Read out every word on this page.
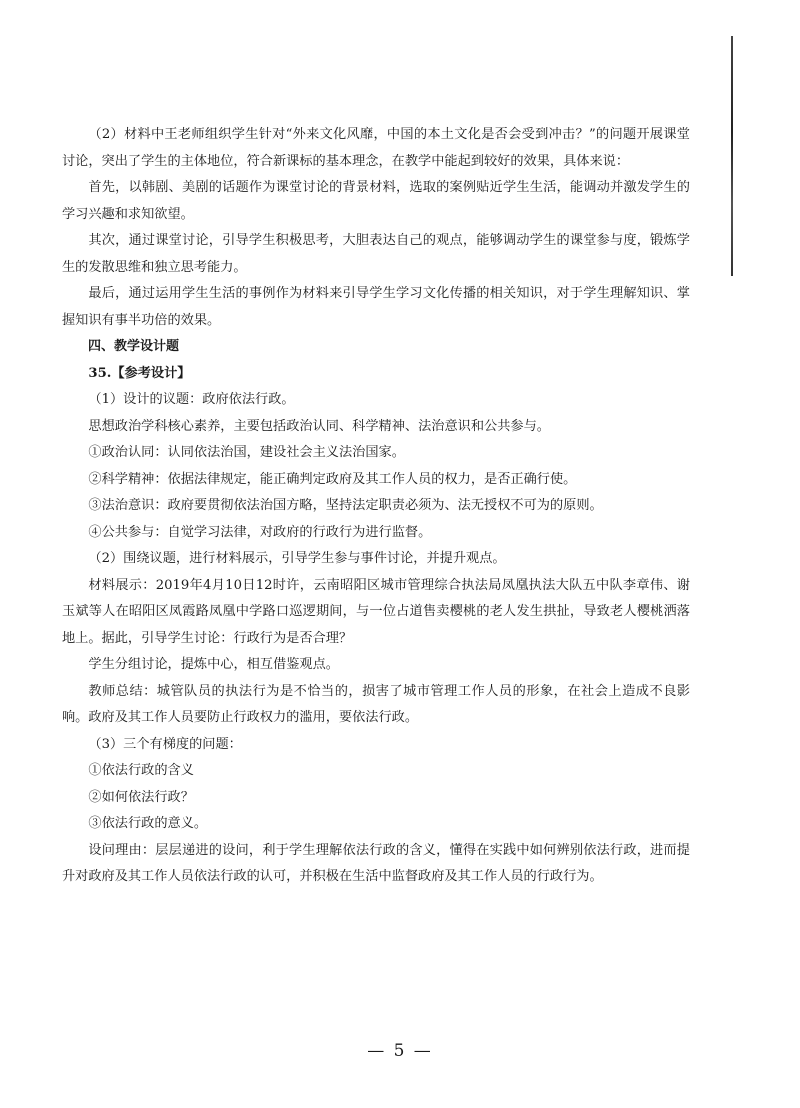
（2）材料中王老师组织学生针对“外来文化风靡，中国的本土文化是否会受到冲击？”的问题开展课堂讨论，突出了学生的主体地位，符合新课标的基本理念，在教学中能起到较好的效果，具体来说：

首先，以韩剧、美剧的话题作为课堂讨论的背景材料，选取的案例贴近学生生活，能调动并激发学生的学习兴趣和求知欲望。

其次，通过课堂讨论，引导学生积极思考，大胆表达自己的观点，能够调动学生的课堂参与度，锻炼学生的发散思维和独立思考能力。

最后，通过运用学生生活的事例作为材料来引导学生学习文化传播的相关知识，对于学生理解知识、掌握知识有事半功倍的效果。

四、教学设计题

35.【参考设计】

（1）设计的议题：政府依法行政。

思想政治学科核心素养，主要包括政治认同、科学精神、法治意识和公共参与。

①政治认同：认同依法治国，建设社会主义法治国家。

②科学精神：依据法律规定，能正确判定政府及其工作人员的权力，是否正确行使。

③法治意识：政府要贯彻依法治国方略，坚持法定职责必须为、法无授权不可为的原则。

④公共参与：自觉学习法律，对政府的行政行为进行监督。

（2）围绕议题，进行材料展示，引导学生参与事件讨论，并提升观点。

材料展示：2019年4月10日12时许，云南昭阳区城市管理综合执法局凤凰执法大队五中队李章伟、谢玉斌等人在昭阳区凤霞路凤凰中学路口巡逻期间，与一位占道售卖樱桃的老人发生拱扯，导致老人樱桃洒落地上。据此，引导学生讨论：行政行为是否合理？

学生分组讨论，提炼中心，相互借鉴观点。

教师总结：城管队员的执法行为是不恰当的，损害了城市管理工作人员的形象，在社会上造成不良影响。政府及其工作人员要防止行政权力的滥用，要依法行政。

（3）三个有梯度的问题：

①依法行政的含义

②如何依法行政？

③依法行政的意义。

设问理由：层层递进的设问，利于学生理解依法行政的含义，懂得在实践中如何辨别依法行政，进而提升对政府及其工作人员依法行政的认可，并积极在生活中监督政府及其工作人员的行政行为。

— 5 —
